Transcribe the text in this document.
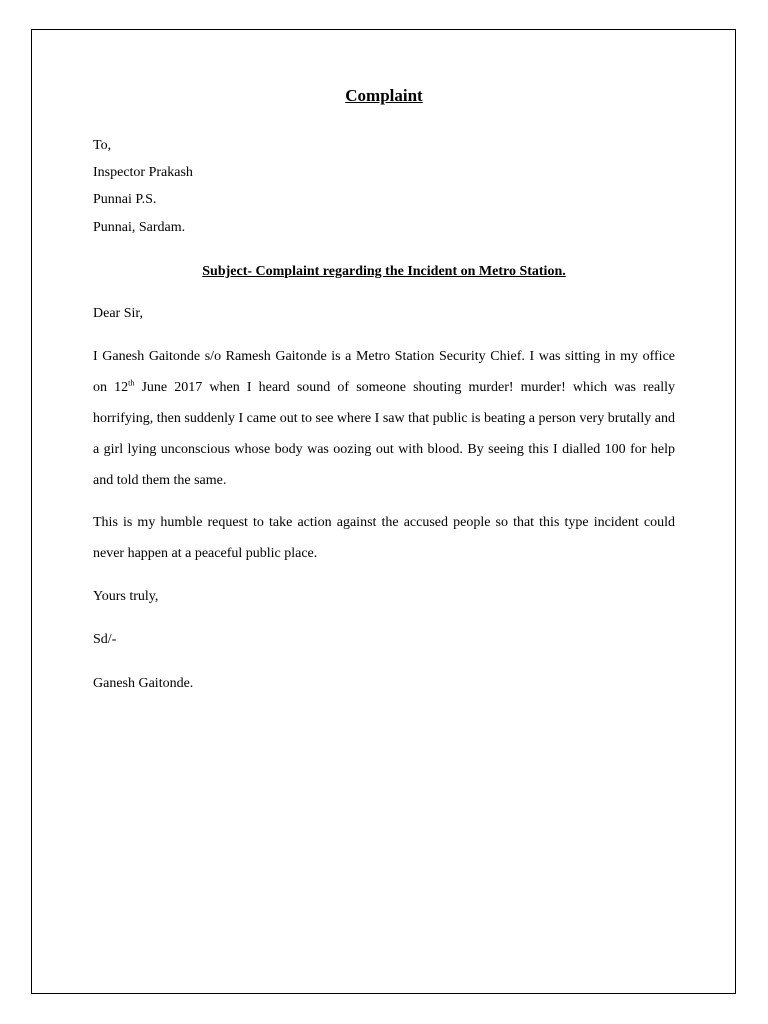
Complaint

To,

Inspector Prakash

Punnai P.S.

Punnai, Sardam.

Subject- Complaint regarding the Incident on Metro Station.

Dear Sir,

I Ganesh Gaitonde s/o Ramesh Gaitonde is a Metro Station Security Chief. I was sitting in my office
on 12th June 2017 when I heard sound of someone shouting murder! murder! which was really
horrifying, then suddenly I came out to see where I saw that public is beating a person very brutally and
a girl lying unconscious whose body was oozing out with blood. By seeing this I dialled 100 for help
and told them the same.
This is my humble request to take action against the accused people so that this type incident could
never happen at a peaceful public place.

Yours truly,

Sd/-

Ganesh Gaitonde.
